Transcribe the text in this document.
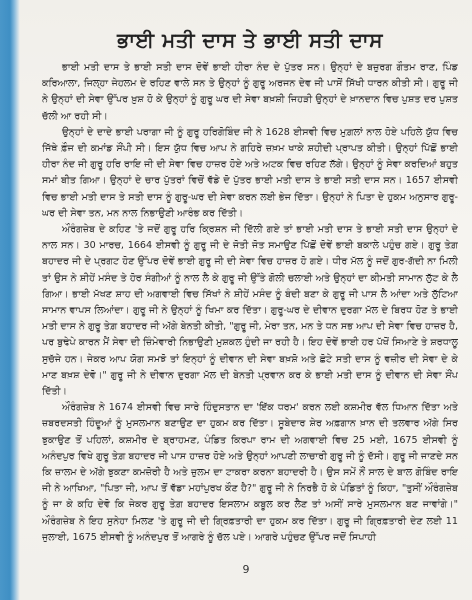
ਭਾਈ ਮਤੀ ਦਾਸ ਤੇ ਭਾਈ ਸਤੀ ਦਾਸ

ਭਾਈ ਮਤੀ ਦਾਸ ਤੇ ਭਾਈ ਸਤੀ ਦਾਸ ਦੋਵੇਂ ਭਾਈ ਹੀਰਾ ਨੰਦ ਦੇ ਪੁੱਤਰ ਸਨ। ਉਨ੍ਹਾਂ ਦੇ ਬਜ਼ੁਰਗ ਗੌਤਮ ਰਾਣ, ਪਿੰਡ ਕਰਿਆਲਾ, ਜਿਲ੍ਹਾ ਜੇਹਲਮ ਦੇ ਰਹਿਣ ਵਾਲੇ ਸਨ ਤੇ ਉਨ੍ਹਾਂ ਨੂੰ ਗੁਰੂ ਅਰਜਨ ਦੇਵ ਜੀ ਪਾਸੋਂ ਸਿੱਖੀ ਧਾਰਨ ਕੀਤੀ ਸੀ। ਗੁਰੂ ਜੀ ਨੇ ਉਨ੍ਹਾਂ ਦੀ ਸੇਵਾ ਉੱਪਰ ਖ਼ੁਸ਼ ਹੋ ਕੇ ਉਨ੍ਹਾਂ ਨੂੰ ਗੁਰੂ ਘਰ ਦੀ ਸੇਵਾ ਬਖ਼ਸ਼ੀ ਜਿਹੜੀ ਉਨ੍ਹਾਂ ਦੇ ਖ਼ਾਨਦਾਨ ਵਿਚ ਪੁਸ਼ਤ ਦਰ ਪੁਸ਼ਤ ਚੱਲੀ ਆ ਰਹੀ ਸੀ।

ਉਨ੍ਹਾਂ ਦੇ ਦਾਦੇ ਭਾਈ ਪਰਾਗਾ ਜੀ ਨੂੰ ਗੁਰੂ ਹਰਿਗੋਬਿੰਦ ਜੀ ਨੇ 1628 ਈਸਵੀ ਵਿਚ ਮੁਗ਼ਲਾਂ ਨਾਲ ਹੋਏ ਪਹਿਲੇ ਯੁੱਧ ਵਿਚ ਜਿੱਥੇ ਫ਼ੌਜ ਦੀ ਕਮਾਂਡ ਸੌਂਪੀ ਸੀ। ਇਸ ਯੁੱਧ ਵਿਚ ਆਪ ਨੇ ਗਹਿਰੇ ਜ਼ਖ਼ਮ ਖਾਕੇ ਸ਼ਹੀਦੀ ਪ੍ਰਾਪਤ ਕੀਤੀ। ਉਨ੍ਹਾਂ ਪਿੱਛੋਂ ਭਾਈ ਹੀਰਾ ਨੰਦ ਜੀ ਗੁਰੂ ਹਰਿ ਰਾਇ ਜੀ ਦੀ ਸੇਵਾ ਵਿਚ ਹਾਜ਼ਰ ਹੋਏ ਅਤੇ ਅਟਕ ਵਿਚ ਰਹਿਣ ਲੱਗੇ। ਉਨ੍ਹਾਂ ਨੂੰ ਸੇਵਾ ਕਰਦਿਆਂ ਬਹੁਤ ਸਮਾਂ ਬੀਤ ਗਿਆ। ਉਨ੍ਹਾਂ ਦੇ ਚਾਰ ਪੁੱਤਰਾਂ ਵਿਚੋਂ ਵੱਡੇ ਦੋ ਪੁੱਤਰ ਭਾਈ ਮਤੀ ਦਾਸ ਤੇ ਭਾਈ ਸਤੀ ਦਾਸ ਸਨ। 1657 ਈਸਵੀ ਵਿਚ ਭਾਈ ਮਤੀ ਦਾਸ ਤੇ ਸਤੀ ਦਾਸ ਨੂੰ ਗੁਰੂ-ਘਰ ਦੀ ਸੇਵਾ ਕਰਨ ਲਈ ਭੇਜ ਦਿੱਤਾ। ਉਨ੍ਹਾਂ ਨੇ ਪਿਤਾ ਦੇ ਹੁਕਮ ਅਨੁਸਾਰ ਗੁਰੂ-ਘਰ ਦੀ ਸੇਵਾ ਤਨ, ਮਨ ਨਾਲ ਨਿਭਾਉਣੀ ਆਰੰਭ ਕਰ ਦਿੱਤੀ।

ਔਰੰਗਜ਼ੇਬ ਦੇ ਕਹਿਣ 'ਤੇ ਜਦੋਂ ਗੁਰੂ ਹਰਿ ਕ੍ਰਿਸ਼ਨ ਜੀ ਦਿੱਲੀ ਗਏ ਤਾਂ ਭਾਈ ਮਤੀ ਦਾਸ ਤੇ ਭਾਈ ਸਤੀ ਦਾਸ ਉਨ੍ਹਾਂ ਦੇ ਨਾਲ ਸਨ। 30 ਮਾਰਚ, 1664 ਈਸਵੀ ਨੂੰ ਗੁਰੂ ਜੀ ਦੇ ਜੋਤੀ ਜੋਤ ਸਮਾਉਣ ਪਿੱਛੋਂ ਦੋਵੇਂ ਭਾਈ ਬਕਾਲੇ ਪਹੁੰਚ ਗਏ। ਗੁਰੂ ਤੇਗ਼ ਬਹਾਦਰ ਜੀ ਦੇ ਪ੍ਰਗਟ ਹੋਣ ਉੱਪਰ ਦੋਵੇਂ ਭਾਈ ਗੁਰੂ ਜੀ ਦੀ ਸੇਵਾ ਵਿਚ ਹਾਜ਼ਰ ਹੋ ਗਏ। ਧੀਰ ਮੱਲ ਨੂੰ ਜਦੋਂ ਗੁਰ-ਗੱਦੀ ਨਾ ਮਿਲੀ ਤਾਂ ਉਸ ਨੇ ਸ਼ੀਹੇਂ ਮਸੰਦ ਤੇ ਹੋਰ ਸੰਗੀਆਂ ਨੂੰ ਨਾਲ ਲੈ ਕੇ ਗੁਰੂ ਜੀ ਉੱਤੇ ਗੋਲੀ ਚਲਾਈ ਅਤੇ ਉਨ੍ਹਾਂ ਦਾ ਕੀਮਤੀ ਸਾਮਾਨ ਲੁੱਟ ਕੇ ਲੈ ਗਿਆ। ਭਾਈ ਮੱਖਣ ਸ਼ਾਹ ਦੀ ਅਗਵਾਈ ਵਿਚ ਸਿੱਖਾਂ ਨੇ ਸ਼ੀਹੇਂ ਮਸੰਦ ਨੂੰ ਬੰਦੀ ਬਣਾ ਕੇ ਗੁਰੂ ਜੀ ਪਾਸ ਲੈ ਆਂਦਾ ਅਤੇ ਲੁੱਟਿਆ ਸਾਮਾਨ ਵਾਪਸ ਲਿਆਂਦਾ। ਗੁਰੂ ਜੀ ਨੇ ਉਨ੍ਹਾਂ ਨੂੰ ਖਿਮਾ ਕਰ ਦਿੱਤਾ। ਗੁਰੂ-ਘਰ ਦੇ ਦੀਵਾਨ ਦੁਰਗਾ ਮੱਲ ਦੇ ਬਿਰਧ ਹੋਣ ਤੇ ਭਾਈ ਮਤੀ ਦਾਸ ਨੇ ਗੁਰੂ ਤੇਗ਼ ਬਹਾਦਰ ਜੀ ਅੱਗੇ ਬੇਨਤੀ ਕੀਤੀ, "ਗੁਰੂ ਜੀ, ਮੇਰਾ ਤਨ, ਮਨ ਤੇ ਧਨ ਸਭ ਆਪ ਦੀ ਸੇਵਾ ਵਿਚ ਹਾਜ਼ਰ ਹੈ, ਪਰ ਬੁਢੇਪੇ ਕਾਰਨ ਮੈਂ ਸੇਵਾ ਦੀ ਜ਼ਿੰਮੇਵਾਰੀ ਨਿਭਾਉਣੀ ਮੁਸ਼ਕਲ ਹੁੰਦੀ ਜਾ ਰਹੀ ਹੈ। ਇਹ ਦੋਵੇਂ ਭਾਈ ਹਰ ਪੱਖੋਂ ਸਿਆਣੇ ਤੇ ਸ਼ਰਧਾਲੂ ਸੁਚੱਜੇ ਹਨ। ਜੇਕਰ ਆਪ ਯੋਗ ਸਮਝੋ ਤਾਂ ਇਨ੍ਹਾਂ ਨੂੰ ਦੀਵਾਨ ਦੀ ਸੇਵਾ ਬਖ਼ਸ਼ੋ ਅਤੇ ਛੋਟੇ ਸਤੀ ਦਾਸ ਨੂੰ ਵਜ਼ੀਰ ਦੀ ਸੇਵਾ ਦੇ ਕੇ ਮਾਣ ਬਖ਼ਸ਼ ਦੇਵੋ।" ਗੁਰੂ ਜੀ ਨੇ ਦੀਵਾਨ ਦੁਰਗਾ ਮੱਲ ਦੀ ਬੇਨਤੀ ਪ੍ਰਵਾਨ ਕਰ ਕੇ ਭਾਈ ਮਤੀ ਦਾਸ ਨੂੰ ਦੀਵਾਨ ਦੀ ਸੇਵਾ ਸੌਂਪ ਦਿੱਤੀ।

ਔਰੰਗਜ਼ੇਬ ਨੇ 1674 ਈਸਵੀ ਵਿਚ ਸਾਰੇ ਹਿੰਦੁਸਤਾਨ ਦਾ 'ਇੱਕ ਧਰਮ' ਕਰਨ ਲਈ ਕਸ਼ਮੀਰ ਵੱਲ ਧਿਆਨ ਦਿੱਤਾ ਅਤੇ ਜ਼ਬਰਦਸਤੀ ਹਿੰਦੂਆਂ ਨੂੰ ਮੁਸਲਮਾਨ ਬਣਾਉਣ ਦਾ ਹੁਕਮ ਕਰ ਦਿੱਤਾ। ਸੂਬੇਦਾਰ ਸ਼ੇਰ ਅਫ਼ਗਾਨ ਖ਼ਾਨ ਦੀ ਤਲਵਾਰ ਅੱਗੇ ਸਿਰ ਝੁਕਾਉਣ ਤੋਂ ਪਹਿਲਾਂ, ਕਸ਼ਮੀਰ ਦੇ ਬ੍ਰਾਹਮਣ, ਪੰਡਿਤ ਕਿਰਪਾ ਰਾਮ ਦੀ ਅਗਵਾਈ ਵਿਚ 25 ਮਈ, 1675 ਈਸਵੀ ਨੂੰ ਅਨੰਦਪੁਰ ਵਿਖੇ ਗੁਰੂ ਤੇਗ਼ ਬਹਾਦਰ ਜੀ ਪਾਸ ਹਾਜ਼ਰ ਹੋਏ ਅਤੇ ਉਨ੍ਹਾਂ ਆਪਣੀ ਲਾਚਾਰੀ ਗੁਰੂ ਜੀ ਨੂੰ ਦੱਸੀ। ਗੁਰੂ ਜੀ ਜਾਣਦੇ ਸਨ ਕਿ ਜ਼ਾਲਮ ਦੇ ਅੱਗੇ ਝੁਕਣਾ ਕਮਜ਼ੋਰੀ ਹੈ ਅਤੇ ਜ਼ੁਲਮ ਦਾ ਟਾਕਰਾ ਕਰਨਾ ਬਹਾਦਰੀ ਹੈ। ਉਸ ਸਮੇਂ ਨੌਂ ਸਾਲ ਦੇ ਬਾਲ ਗੋਬਿੰਦ ਰਾਇ ਜੀ ਨੇ ਆਖਿਆ, "ਪਿਤਾ ਜੀ, ਆਪ ਤੋਂ ਵੱਡਾ ਮਹਾਂਪੁਰਖ ਕੌਣ ਹੈ?" ਗੁਰੂ ਜੀ ਨੇ ਨਿਰਭੈ ਹੋ ਕੇ ਪੰਡਿਤਾਂ ਨੂੰ ਕਿਹਾ, "ਤੁਸੀਂ ਔਰੰਗਜ਼ੇਬ ਨੂੰ ਜਾ ਕੇ ਕਹਿ ਦੇਵੋ ਕਿ ਜੇਕਰ ਗੁਰੂ ਤੇਗ਼ ਬਹਾਦਰ ਇਸਲਾਮ ਕਬੂਲ ਕਰ ਲੈਣ ਤਾਂ ਅਸੀਂ ਸਾਰੇ ਮੁਸਲਮਾਨ ਬਣ ਜਾਵਾਂਗੇ।" ਔਰੰਗਜ਼ੇਬ ਨੇ ਇਹ ਸੁਨੇਹਾ ਮਿਲਣ 'ਤੇ ਗੁਰੂ ਜੀ ਦੀ ਗ੍ਰਿਫ਼ਤਾਰੀ ਦਾ ਹੁਕਮ ਕਰ ਦਿੱਤਾ। ਗੁਰੂ ਜੀ ਗ੍ਰਿਫ਼ਤਾਰੀ ਦੇਣ ਲਈ 11 ਜੁਲਾਈ, 1675 ਈਸਵੀ ਨੂੰ ਅਨੰਦਪੁਰ ਤੋਂ ਆਗਰੇ ਨੂੰ ਚੱਲ ਪਏ। ਆਗਰੇ ਪਹੁੰਚਣ ਉੱਪਰ ਜਦੋਂ ਸਿਪਾਹੀ

9
